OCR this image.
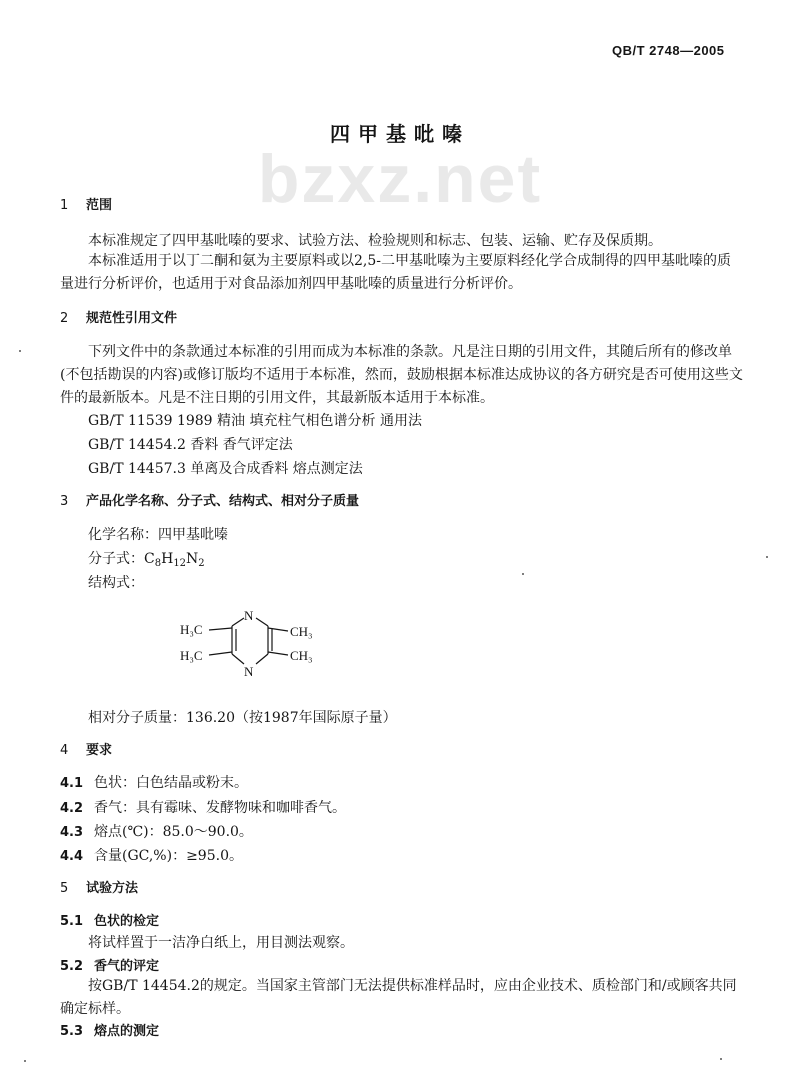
bzxz.net
QB/T 2748—2005
四甲基吡嗪
1 范围
本标准规定了四甲基吡嗪的要求、试验方法、检验规则和标志、包装、运输、贮存及保质期。
本标准适用于以丁二酮和氨为主要原料或以2,5-二甲基吡嗪为主要原料经化学合成制得的四甲基吡嗪的质量进行分析评价，也适用于对食品添加剂四甲基吡嗪的质量进行分析评价。
2 规范性引用文件
下列文件中的条款通过本标准的引用而成为本标准的条款。凡是注日期的引用文件，其随后所有的修改单(不包括勘误的内容)或修订版均不适用于本标准，然而，鼓励根据本标准达成协议的各方研究是否可使用这些文件的最新版本。凡是不注日期的引用文件，其最新版本适用于本标准。
GB/T 11539 1989 精油 填充柱气相色谱分析 通用法
GB/T 14454.2 香料 香气评定法
GB/T 14457.3 单离及合成香料 熔点测定法
3 产品化学名称、分子式、结构式、相对分子质量
化学名称：四甲基吡嗪
分子式：$C_8H_{12}N_2$
结构式：
H₃C
H₃C
CH₃
CH₃
N
N
相对分子质量：136.20（按1987年国际原子量）
4 要求
4.1 色状：白色结晶或粉末。
4.2 香气：具有霉味、发酵物味和咖啡香气。
4.3 熔点(℃)：85.0～90.0。
4.4 含量(GC,%)：≥95.0。
5 试验方法
5.1 色状的检定
将试样置于一洁净白纸上，用目测法观察。
5.2 香气的评定
按GB/T 14454.2的规定。当国家主管部门无法提供标准样品时，应由企业技术、质检部门和/或顾客共同确定标样。
5.3 熔点的测定
